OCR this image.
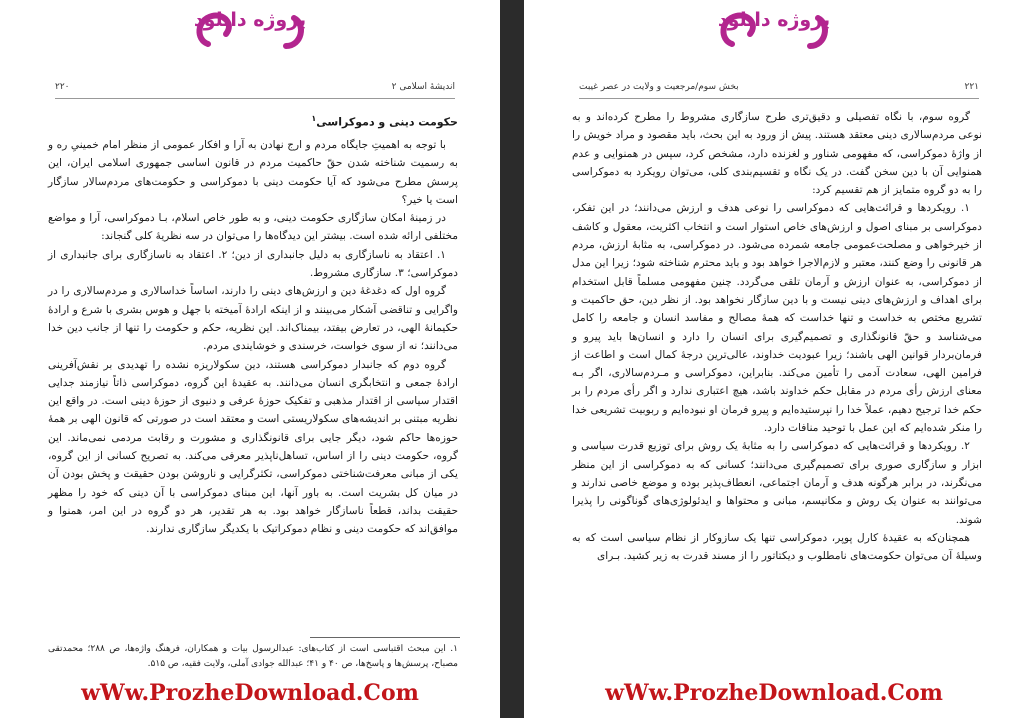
پروژه دانلود
۲۲۰	اندیشهٔ اسلامی ۲
حکومت دینی و دموکراسی$^۱$

با توجه به اهمیتِ جایگاه مردم و ارج نهادن به آرا و افکار عمومی از منظر امام خمینیِ ره و به رسمیت شناخته شدن حقّ حاکمیت مردم در قانون اساسی جمهوری اسلامی ایران، این پرسش مطرح می‌شود که آیا حکومت دینی با دموکراسی و حکومت‌های مردم‌سالار سازگار است یا خیر؟

در زمینهٔ امکان سازگاری حکومت دینی، و به طور خاص اسلام، بـا دموکراسی، آرا و مواضع مختلفی ارائه شده است. بیشتر این دیدگاه‌ها را می‌توان در سه نظریهٔ کلی گنجاند:

۱. اعتقاد به ناسازگاری به دلیل جانبداری از دین؛ ۲. اعتقاد به ناسازگاری برای جانبداری از دموکراسی؛ ۳. سازگاری مشروط.

گروه اول که دغدغهٔ دین و ارزش‌های دینی را دارند، اساساً خداسالاری و مردم‌سالاری را در واگرایی و تناقضی آشکار می‌بینند و از اینکه ارادهٔ آمیخته با جهل و هوس بشری با شرع و ارادهٔ حکیمانهٔ الهی، در تعارض بیفتد، بیمناک‌اند. این نظریه، حکم و حکومت را تنها از جانب دین خدا می‌دانند؛ نه از سوی خواست، خرسندی و خوشایندی مردم.

گروه دوم که جانبدار دموکراسی هستند، دین سکولاریزه نشده را تهدیدی بر نقش‌آفرینی ارادهٔ جمعی و انتخابگری انسان می‌دانند. به عقیدهٔ این گروه، دموکراسی ذاتاً نیازمند جدایی اقتدار سیاسی از اقتدار مذهبی و تفکیک حوزهٔ عرفی و دنیوی از حوزهٔ دینی است. در واقع این نظریه مبتنی بر اندیشه‌های سکولاریستی است و معتقد است در صورتی که قانون الهی بر همهٔ حوزه‌ها حاکم شود، دیگر جایی برای قانونگذاری و مشورت و رقابت مردمی نمی‌ماند. این گروه، حکومت دینی را از اساس، تساهل‌ناپذیر معرفی می‌کند. به تصریح کسانی از این گروه، یکی از مبانی معرفت‌شناختی دموکراسی، تکثرگرایی و ناروشن بودن حقیقت و پخش بودن آن در میان کل بشریت است. به باور آنها، این مبنای دموکراسی با آن دینی که خود را مظهر حقیقت بداند، قطعاً ناسازگار خواهد بود. به هر تقدیر، هر دو گروه در این امر، همنوا و موافق‌اند که حکومت دینی و نظام دموکراتیک با یکدیگر سازگاری ندارند.

۱. این مبحث اقتباسی است از کتاب‌های: عبدالرسول بیات و همکاران، فرهنگ واژه‌ها، ص ۲۸۸؛ محمدتقی مصباح، پرسش‌ها و پاسخ‌ها، ص ۴۰ و ۴۱؛ عبدالله جوادی آملی، ولایت فقیه، ص ۵۱۵.
wWw.ProzheDownload.Com
پروژه دانلود
۲۲۱
بخش سوم/مرجعیت و ولایت در عصر غیبت

گروه سوم، با نگاه تفصیلی و دقیق‌تری طرح سازگاری مشروط را مطرح کرده‌اند و به نوعی مردم‌سالاری دینی معتقد هستند. پیش از ورود به این بحث، باید مقصود و مراد خویش را از واژهٔ دموکراسی، که مفهومی شناور و لغزنده دارد، مشخص کرد، سپس در همنوایی و عدم همنوایی آن با دین سخن گفت. در یک نگاه و تقسیم‌بندی کلی، می‌توان رویکرد به دموکراسی را به دو گروه متمایز از هم تقسیم کرد:

۱. رویکردها و قرائت‌هایی که دموکراسی را نوعی هدف و ارزش می‌دانند؛ در این تفکر، دموکراسی بر مبنای اصول و ارزش‌های خاص استوار است و انتخاب اکثریت، معقول و کاشف از خیرخواهی و مصلحت‌عمومی جامعه شمرده می‌شود. در دموکراسی، به مثابهٔ ارزش، مردم هر قانونی را وضع کنند، معتبر و لازم‌الاجرا خواهد بود و باید محترم شناخته شود؛ زیرا این مدل از دموکراسی، به عنوان ارزش و آرمان تلقی می‌گردد. چنین مفهومی مسلماً قابل استخدام برای اهداف و ارزش‌های دینی نیست و با دین سازگار نخواهد بود. از نظر دین، حق حاکمیت و تشریع مختص به خداست و تنها خداست که همهٔ مصالح و مفاسد انسان و جامعه را کامل می‌شناسد و حقّ قانونگذاری و تصمیم‌گیری برای انسان را دارد و انسان‌ها باید پیرو و فرمان‌بردار قوانین الهی باشند؛ زیرا عبودیت خداوند، عالی‌ترین درجهٔ کمال است و اطاعت از فرامین الهی، سعادت آدمی را تأمین می‌کند. بنابراین، دموکراسی و مـردم‌سالاری، اگر بـه معنای ارزش رأی مردم در مقابل حکم خداوند باشد، هیچ اعتباری ندارد و اگر رأی مردم را بر حکم خدا ترجیح دهیم، عملاً خدا را نپرستیده‌ایم و پیرو فرمان او نبوده‌ایم و ربوبیت تشریعی خدا را منکر شده‌ایم که این عمل با توحید منافات دارد.

۲. رویکردها و قرائت‌هایی که دموکراسی را به مثابهٔ یک روش برای توزیع قدرت سیاسی و ابزار و سازگاری صوری برای تصمیم‌گیری می‌دانند؛ کسانی که به دموکراسی از این منظر می‌نگرند، در برابر هرگونه هدف و آرمان اجتماعی، انعطاف‌پذیر بوده و موضع خاصی ندارند و می‌توانند به عنوان یک روش و مکانیسم، مبانی و محتواها و ایدئولوژی‌های گوناگونی را پذیرا شوند.

همچنان‌که به عقیدهٔ کارل پوپر، دموکراسی تنها یک سازوکار از نظام سیاسی است که به وسیلهٔ آن می‌توان حکومت‌های نامطلوب و دیکتاتور را از مسند قدرت به زیر کشید. بـرای

wWw.ProzheDownload.Com
